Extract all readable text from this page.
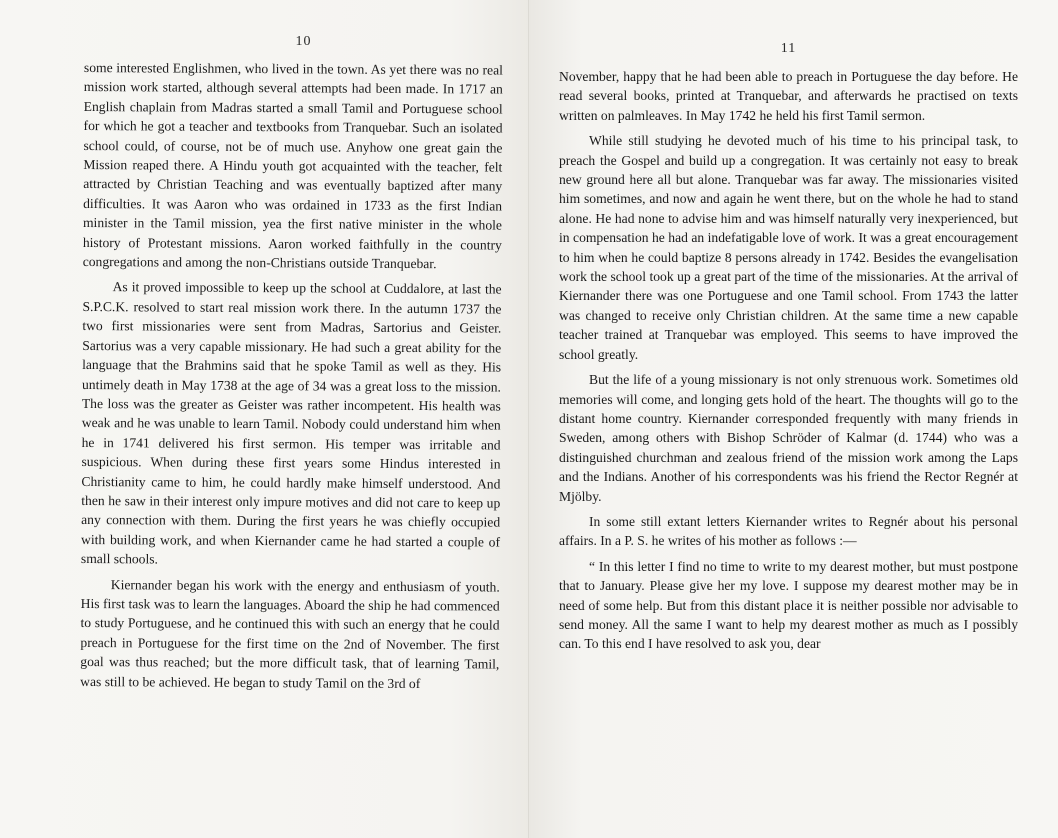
10

some interested Englishmen, who lived in the town. As yet there was no real mission work started, although several attempts had been made. In 1717 an English chaplain from Madras started a small Tamil and Portuguese school for which he got a teacher and textbooks from Tranquebar. Such an isolated school could, of course, not be of much use. Anyhow one great gain the Mission reaped there. A Hindu youth got acquainted with the teacher, felt attracted by Christian Teaching and was eventually baptized after many difficulties. It was Aaron who was ordained in 1733 as the first Indian minister in the Tamil mission, yea the first native minister in the whole history of Protestant missions. Aaron worked faithfully in the country congregations and among the non-Christians outside Tranquebar.

As it proved impossible to keep up the school at Cuddalore, at last the S.P.C.K. resolved to start real mission work there. In the autumn 1737 the two first missionaries were sent from Madras, Sartorius and Geister. Sartorius was a very capable missionary. He had such a great ability for the language that the Brahmins said that he spoke Tamil as well as they. His untimely death in May 1738 at the age of 34 was a great loss to the mission. The loss was the greater as Geister was rather incompetent. His health was weak and he was unable to learn Tamil. Nobody could understand him when he in 1741 delivered his first sermon. His temper was irritable and suspicious. When during these first years some Hindus interested in Christianity came to him, he could hardly make himself understood. And then he saw in their interest only impure motives and did not care to keep up any connection with them. During the first years he was chiefly occupied with building work, and when Kiernander came he had started a couple of small schools.

Kiernander began his work with the energy and enthusiasm of youth. His first task was to learn the languages. Aboard the ship he had commenced to study Portuguese, and he continued this with such an energy that he could preach in Portuguese for the first time on the 2nd of November. The first goal was thus reached; but the more difficult task, that of learning Tamil, was still to be achieved. He began to study Tamil on the 3rd of

11

November, happy that he had been able to preach in Portuguese the day before. He read several books, printed at Tranquebar, and afterwards he practised on texts written on palmleaves. In May 1742 he held his first Tamil sermon.

While still studying he devoted much of his time to his principal task, to preach the Gospel and build up a congregation. It was certainly not easy to break new ground here all but alone. Tranquebar was far away. The missionaries visited him sometimes, and now and again he went there, but on the whole he had to stand alone. He had none to advise him and was himself naturally very inexperienced, but in compensation he had an indefatigable love of work. It was a great encouragement to him when he could baptize 8 persons already in 1742. Besides the evangelisation work the school took up a great part of the time of the missionaries. At the arrival of Kiernander there was one Portuguese and one Tamil school. From 1743 the latter was changed to receive only Christian children. At the same time a new capable teacher trained at Tranquebar was employed. This seems to have improved the school greatly.

But the life of a young missionary is not only strenuous work. Sometimes old memories will come, and longing gets hold of the heart. The thoughts will go to the distant home country. Kiernander corresponded frequently with many friends in Sweden, among others with Bishop Schröder of Kalmar (d. 1744) who was a distinguished churchman and zealous friend of the mission work among the Laps and the Indians. Another of his correspondents was his friend the Rector Regnér at Mjölby.

In some still extant letters Kiernander writes to Regnér about his personal affairs. In a P. S. he writes of his mother as follows :—

“ In this letter I find no time to write to my dearest mother, but must postpone that to January. Please give her my love. I suppose my dearest mother may be in need of some help. But from this distant place it is neither possible nor advisable to send money. All the same I want to help my dearest mother as much as I possibly can. To this end I have resolved to ask you, dear
